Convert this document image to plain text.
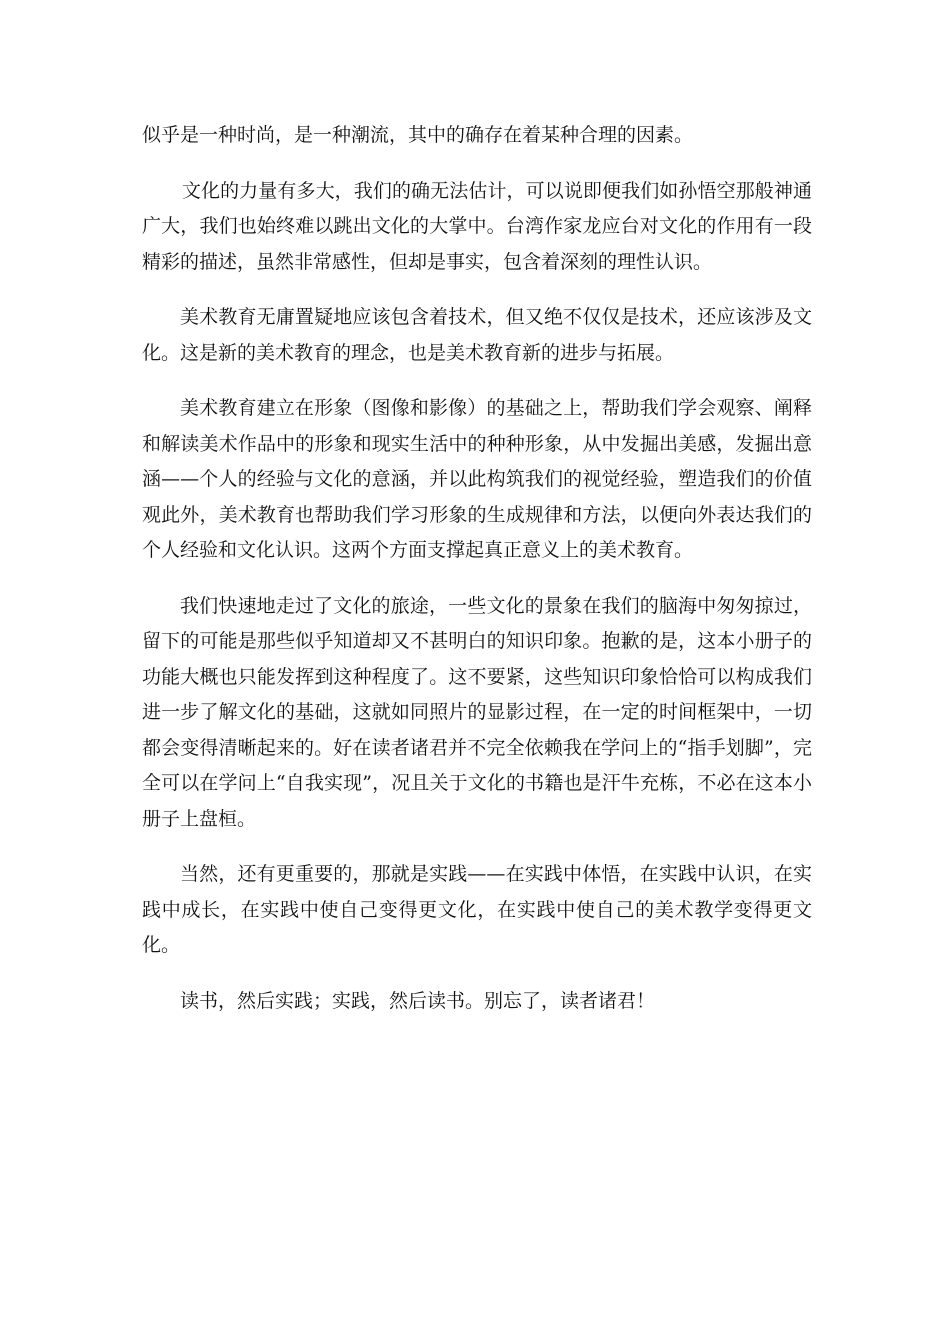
似乎是一种时尚，是一种潮流，其中的确存在着某种合理的因素。

文化的力量有多大，我们的确无法估计，可以说即便我们如孙悟空那般神通广大，我们也始终难以跳出文化的大掌中。台湾作家龙应台对文化的作用有一段精彩的描述，虽然非常感性，但却是事实，包含着深刻的理性认识。

美术教育无庸置疑地应该包含着技术，但又绝不仅仅是技术，还应该涉及文化。这是新的美术教育的理念，也是美术教育新的进步与拓展。

美术教育建立在形象（图像和影像）的基础之上，帮助我们学会观察、阐释和解读美术作品中的形象和现实生活中的种种形象，从中发掘出美感，发掘出意涵——个人的经验与文化的意涵，并以此构筑我们的视觉经验，塑造我们的价值观此外，美术教育也帮助我们学习形象的生成规律和方法，以便向外表达我们的个人经验和文化认识。这两个方面支撑起真正意义上的美术教育。

我们快速地走过了文化的旅途，一些文化的景象在我们的脑海中匆匆掠过，留下的可能是那些似乎知道却又不甚明白的知识印象。抱歉的是，这本小册子的功能大概也只能发挥到这种程度了。这不要紧，这些知识印象恰恰可以构成我们进一步了解文化的基础，这就如同照片的显影过程，在一定的时间框架中，一切都会变得清晰起来的。好在读者诸君并不完全依赖我在学问上的“指手划脚”，完全可以在学问上“自我实现”，况且关于文化的书籍也是汗牛充栋，不必在这本小册子上盘桓。

当然，还有更重要的，那就是实践——在实践中体悟，在实践中认识，在实践中成长，在实践中使自己变得更文化，在实践中使自己的美术教学变得更文化。

读书，然后实践；实践，然后读书。别忘了，读者诸君！
